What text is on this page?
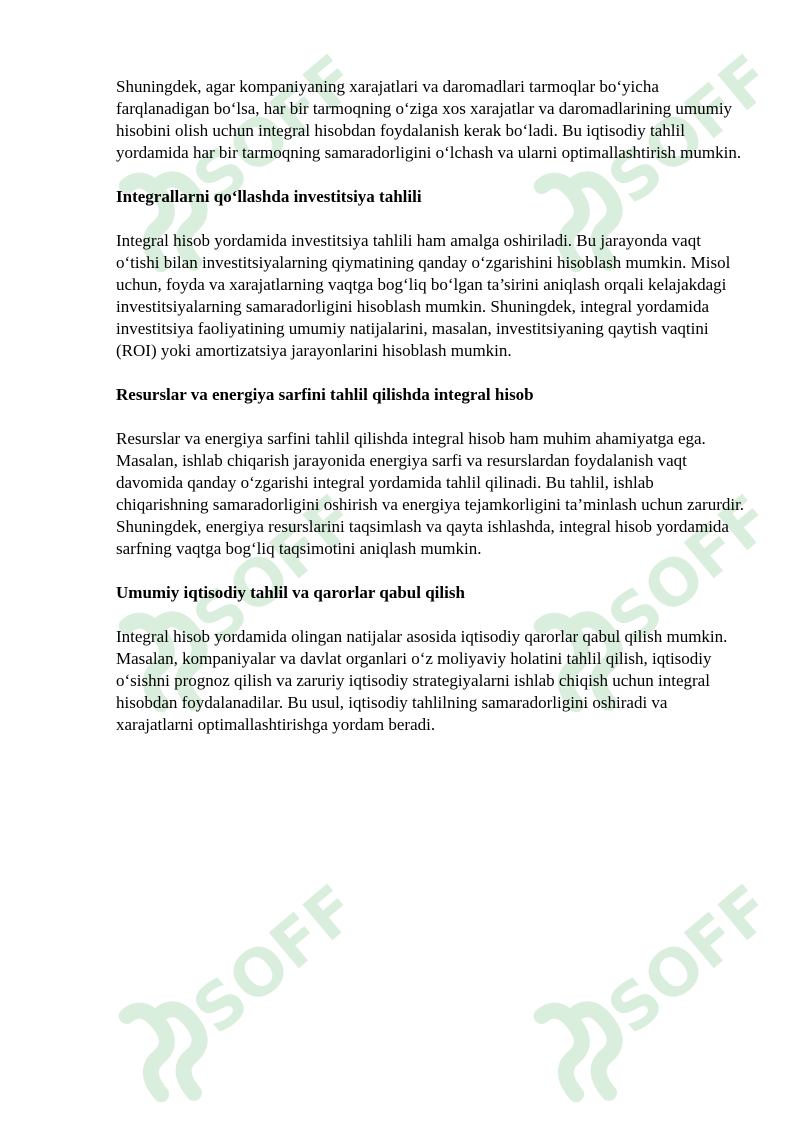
Shuningdek, agar kompaniyaning xarajatlari va daromadlari tarmoqlar bo‘yicha farqlanadigan bo‘lsa, har bir tarmoqning o‘ziga xos xarajatlar va daromadlarining umumiy hisobini olish uchun integral hisobdan foydalanish kerak bo‘ladi. Bu iqtisodiy tahlil yordamida har bir tarmoqning samaradorligini o‘lchash va ularni optimallashtirish mumkin.

Integrallarni qo‘llashda investitsiya tahlili

Integral hisob yordamida investitsiya tahlili ham amalga oshiriladi. Bu jarayonda vaqt o‘tishi bilan investitsiyalarning qiymatining qanday o‘zgarishini hisoblash mumkin. Misol uchun, foyda va xarajatlarning vaqtga bog‘liq bo‘lgan ta’sirini aniqlash orqali kelajakdagi investitsiyalarning samaradorligini hisoblash mumkin. Shuningdek, integral yordamida investitsiya faoliyatining umumiy natijalarini, masalan, investitsiyaning qaytish vaqtini (ROI) yoki amortizatsiya jarayonlarini hisoblash mumkin.

Resurslar va energiya sarfini tahlil qilishda integral hisob

Resurslar va energiya sarfini tahlil qilishda integral hisob ham muhim ahamiyatga ega. Masalan, ishlab chiqarish jarayonida energiya sarfi va resurslardan foydalanish vaqt davomida qanday o‘zgarishi integral yordamida tahlil qilinadi. Bu tahlil, ishlab chiqarishning samaradorligini oshirish va energiya tejamkorligini ta’minlash uchun zarurdir. Shuningdek, energiya resurslarini taqsimlash va qayta ishlashda, integral hisob yordamida sarfning vaqtga bog‘liq taqsimotini aniqlash mumkin.

Umumiy iqtisodiy tahlil va qarorlar qabul qilish

Integral hisob yordamida olingan natijalar asosida iqtisodiy qarorlar qabul qilish mumkin. Masalan, kompaniyalar va davlat organlari o‘z moliyaviy holatini tahlil qilish, iqtisodiy o‘sishni prognoz qilish va zaruriy iqtisodiy strategiyalarni ishlab chiqish uchun integral hisobdan foydalanadilar. Bu usul, iqtisodiy tahlilning samaradorligini oshiradi va xarajatlarni optimallashtirishga yordam beradi.
